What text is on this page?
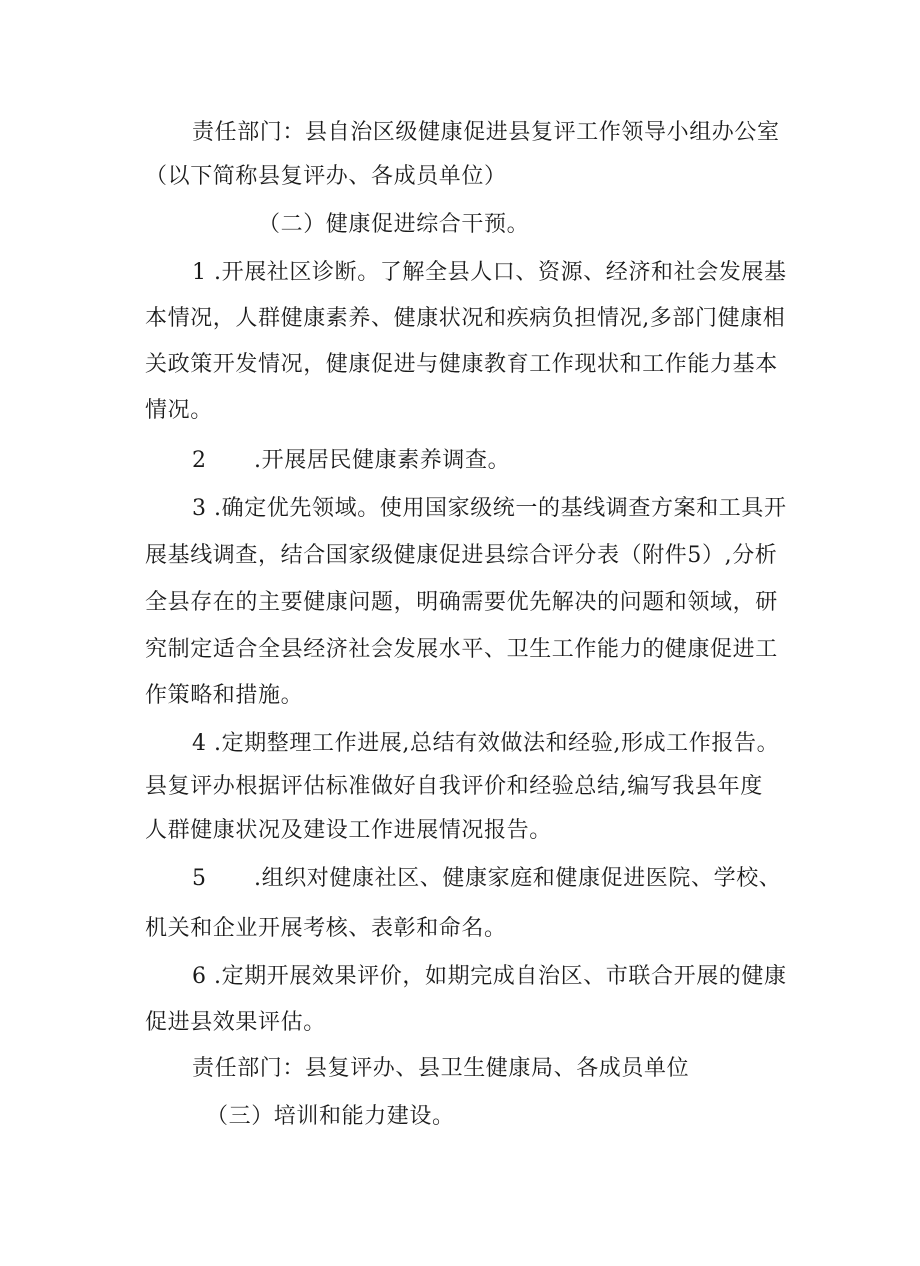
责任部门：县自治区级健康促进县复评工作领导小组办公室
（以下简称县复评办、各成员单位）
（二）健康促进综合干预。
1 .开展社区诊断。了解全县人口、资源、经济和社会发展基
本情况，人群健康素养、健康状况和疾病负担情况,多部门健康相
关政策开发情况，健康促进与健康教育工作现状和工作能力基本
情况。
2 .开展居民健康素养调查。
3 .确定优先领域。使用国家级统一的基线调查方案和工具开
展基线调查，结合国家级健康促进县综合评分表（附件5）,分析
全县存在的主要健康问题，明确需要优先解决的问题和领域，研
究制定适合全县经济社会发展水平、卫生工作能力的健康促进工
作策略和措施。
4 .定期整理工作进展,总结有效做法和经验,形成工作报告。
县复评办根据评估标准做好自我评价和经验总结,编写我县年度
人群健康状况及建设工作进展情况报告。
5 .组织对健康社区、健康家庭和健康促进医院、学校、
机关和企业开展考核、表彰和命名。
6 .定期开展效果评价，如期完成自治区、市联合开展的健康
促进县效果评估。
责任部门：县复评办、县卫生健康局、各成员单位
（三）培训和能力建设。
